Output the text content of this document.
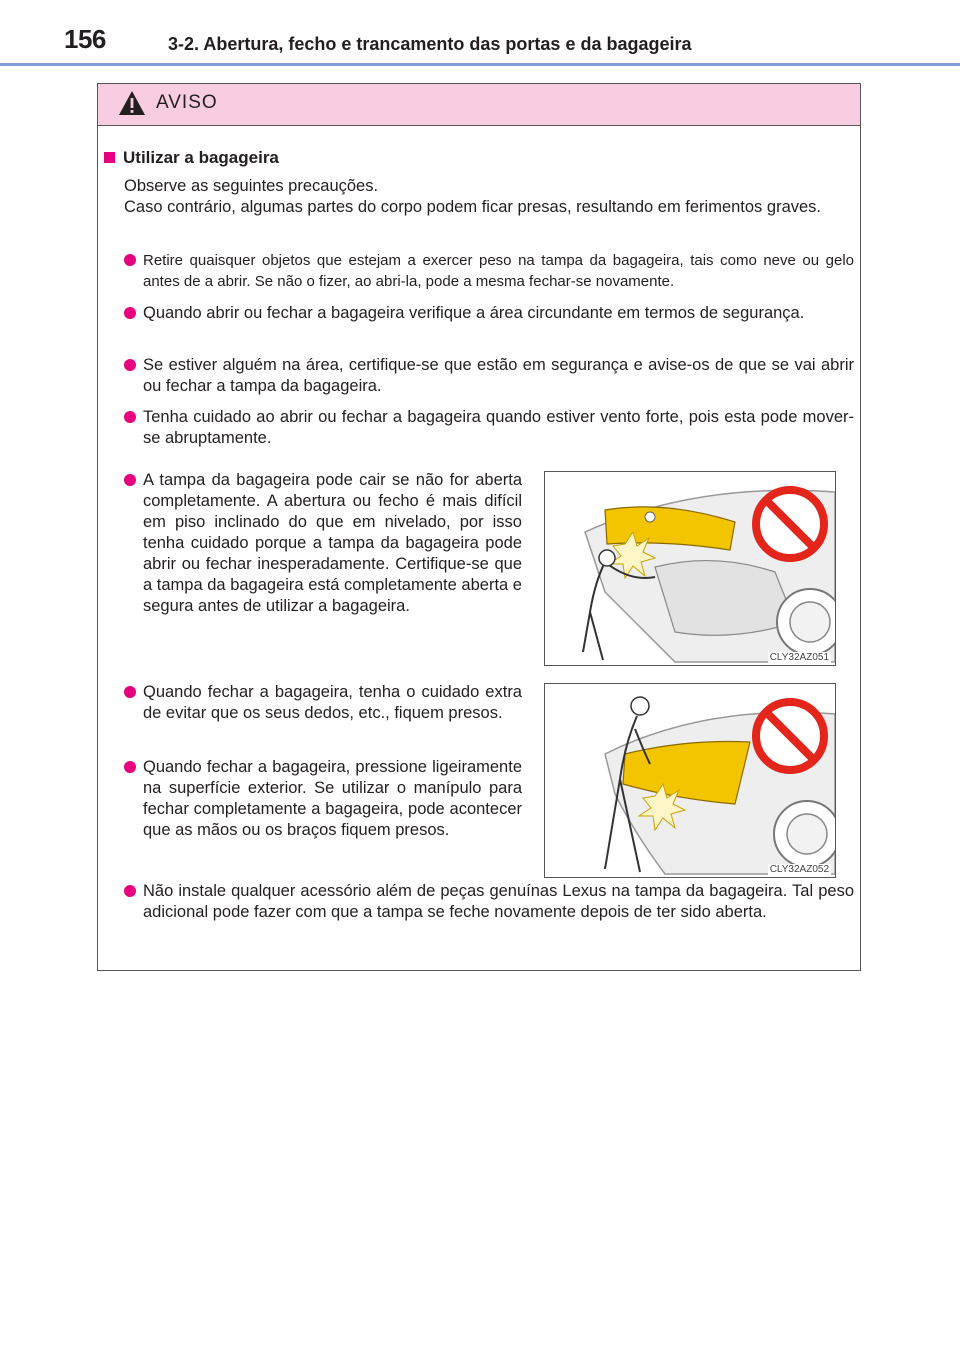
156	3-2. Abertura, fecho e trancamento das portas e da bagageira
AVISO
Utilizar a bagageira

Observe as seguintes precauções.

Caso contrário, algumas partes do corpo podem ficar presas, resultando em ferimentos graves.

Retire quaisquer objetos que estejam a exercer peso na tampa da bagageira, tais como neve ou gelo antes de a abrir. Se não o fizer, ao abri-la, pode a mesma fechar-se novamente.
Quando abrir ou fechar a bagageira verifique a área circundante em termos de segurança.
Se estiver alguém na área, certifique-se que estão em segurança e avise-os de que se vai abrir ou fechar a tampa da bagageira.
Tenha cuidado ao abrir ou fechar a bagageira quando estiver vento forte, pois esta pode mover-se abruptamente.
A tampa da bagageira pode cair se não for aberta completamente. A abertura ou fecho é mais difícil em piso inclinado do que em nivelado, por isso tenha cuidado porque a tampa da bagageira pode abrir ou fechar inesperadamente. Certifique-se que a tampa da bagageira está completamente aberta e segura antes de utilizar a bagageira.
CLY32AZ051
Quando fechar a bagageira, tenha o cuidado extra de evitar que os seus dedos, etc., fiquem presos.
Quando fechar a bagageira, pressione ligeiramente na superfície exterior. Se utilizar o manípulo para fechar completamente a bagageira, pode acontecer que as mãos ou os braços fiquem presos.
CLY32AZ052
Não instale qualquer acessório além de peças genuínas Lexus na tampa da bagageira. Tal peso adicional pode fazer com que a tampa se feche novamente depois de ter sido aberta.
